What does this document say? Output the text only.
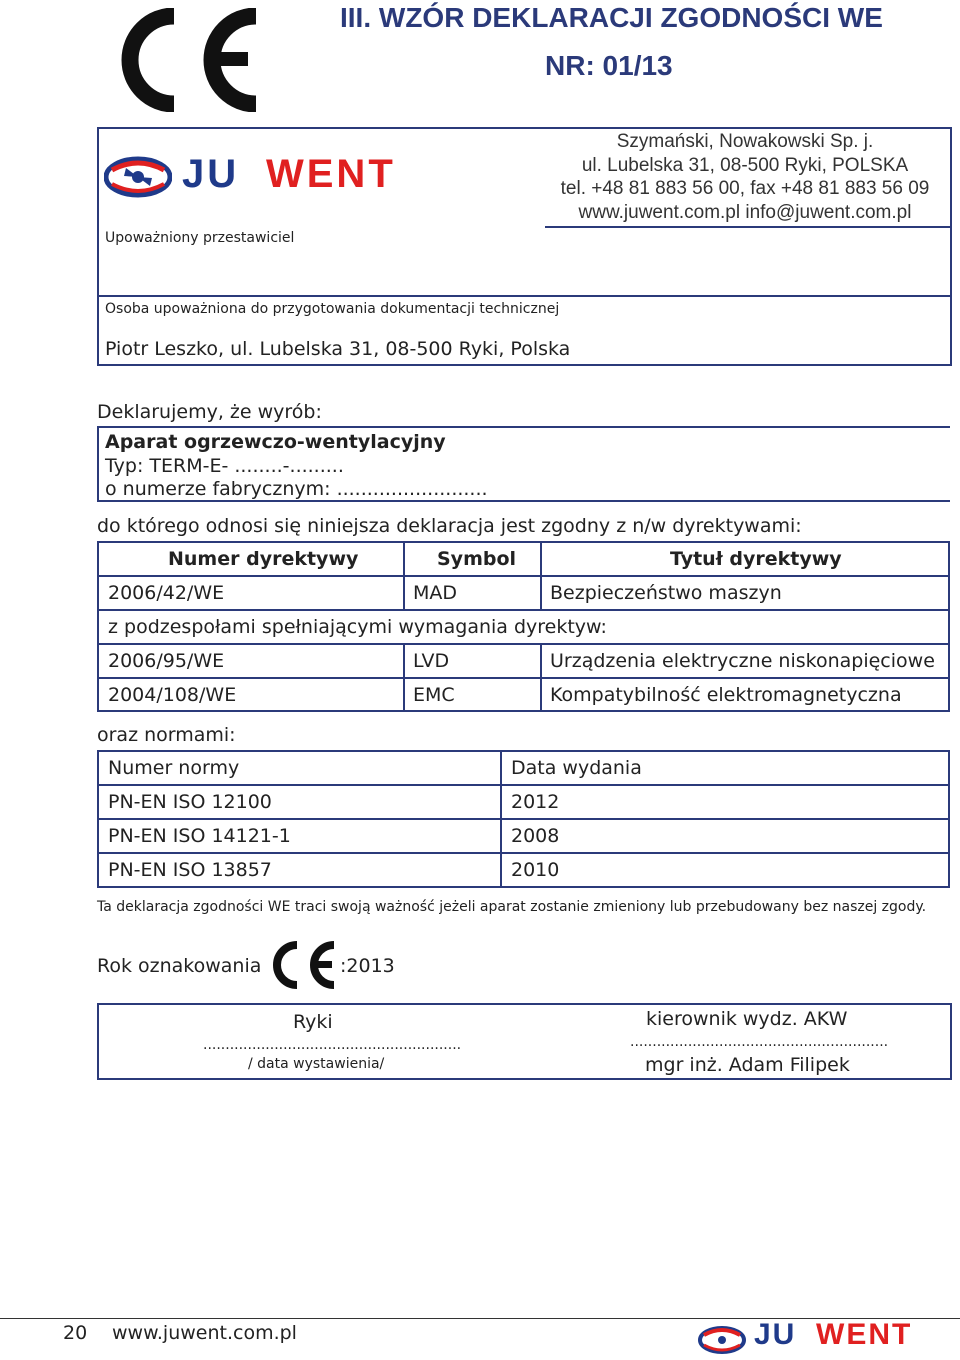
III. WZÓR DEKLARACJI ZGODNOŚCI WE
NR: 01/13
JU WENT
Szymański, Nowakowski Sp. j.
ul. Lubelska 31, 08-500 Ryki, POLSKA
tel. +48 81 883 56 00, fax +48 81 883 56 09
www.juwent.com.pl info@juwent.com.pl
Upoważniony przestawiciel
Osoba upoważniona do przygotowania dokumentacji technicznej
Piotr Leszko, ul. Lubelska 31, 08-500 Ryki, Polska
Deklarujemy, że wyrób:
Aparat ogrzewczo-wentylacyjny
Typ: TERM-E- ........-.........
o numerze fabrycznym: .........................
do którego odnosi się niniejsza deklaracja jest zgodny z n/w dyrektywami:
Numer dyrektywy	Symbol	Tytuł dyrektywy
2006/42/WE	MAD	Bezpieczeństwo maszyn
z podzespołami spełniającymi wymagania dyrektyw:
2006/95/WE	LVD	Urządzenia elektryczne niskonapięciowe
2004/108/WE	EMC	Kompatybilność elektromagnetyczna
oraz normami:
Numer normy	Data wydania
PN-EN ISO 12100	2012
PN-EN ISO 14121-1	2008
PN-EN ISO 13857	2010
Ta deklaracja zgodności WE traci swoją ważność jeżeli aparat zostanie zmieniony lub przebudowany bez naszej zgody.
Rok oznakowania	:2013
Ryki
..........................................................
/ data wystawienia/
kierownik wydz. AKW
..........................................................
mgr inż. Adam Filipek
20 www.juwent.com.pl	JU WENT
